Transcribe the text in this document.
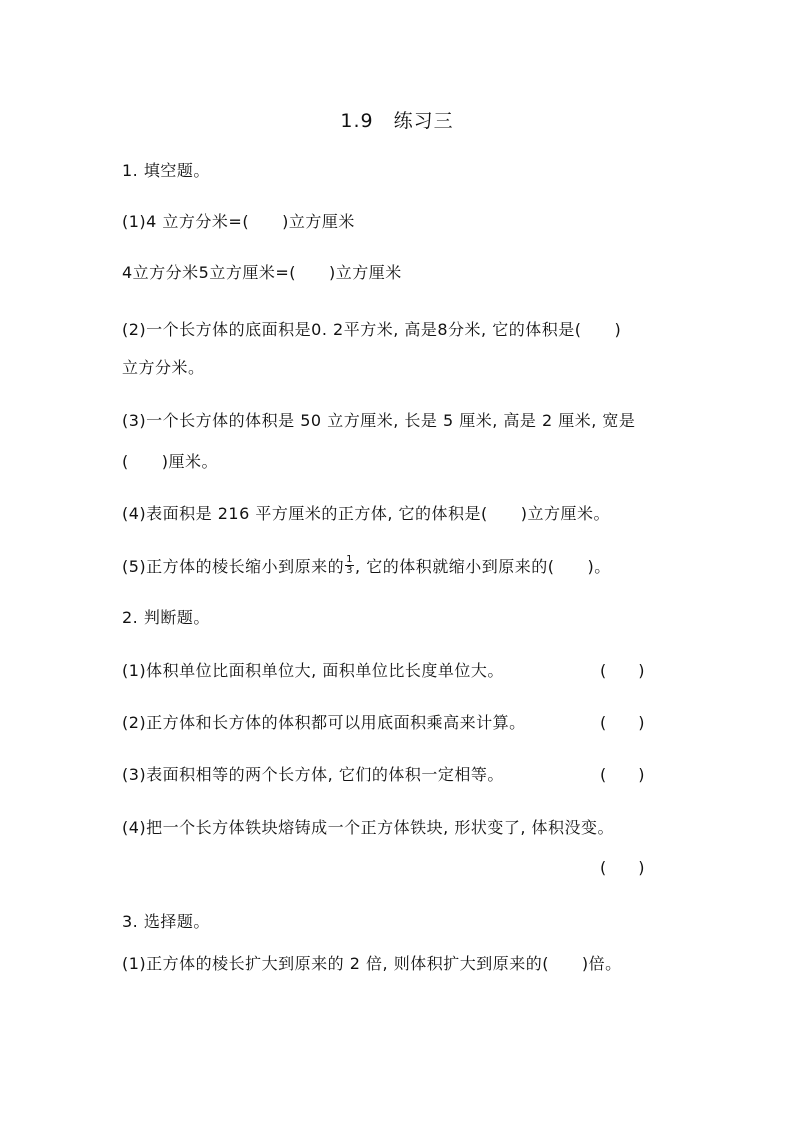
1.9　练习三
1. 填空题。
(1)4 立方分米=(　　)立方厘米
4立方分米5立方厘米=(　　)立方厘米
(2)一个长方体的底面积是0. 2平方米, 高是8分米, 它的体积是(　　)
立方分米。
(3)一个长方体的体积是 50 立方厘米, 长是 5 厘米, 高是 2 厘米, 宽是
(　　)厘米。
(4)表面积是 216 平方厘米的正方体, 它的体积是(　　)立方厘米。
(5)正方体的棱长缩小到原来的 $\frac{1}{3}$ , 它的体积就缩小到原来的(　　)。
2. 判断题。
(1)体积单位比面积单位大, 面积单位比长度单位大。	(　　)
(2)正方体和长方体的体积都可以用底面积乘高来计算。	(　　)
(3)表面积相等的两个长方体, 它们的体积一定相等。	(　　)
(4)把一个长方体铁块熔铸成一个正方体铁块, 形状变了, 体积没变。
(　　)
3. 选择题。
(1)正方体的棱长扩大到原来的 2 倍, 则体积扩大到原来的(　　)倍。
